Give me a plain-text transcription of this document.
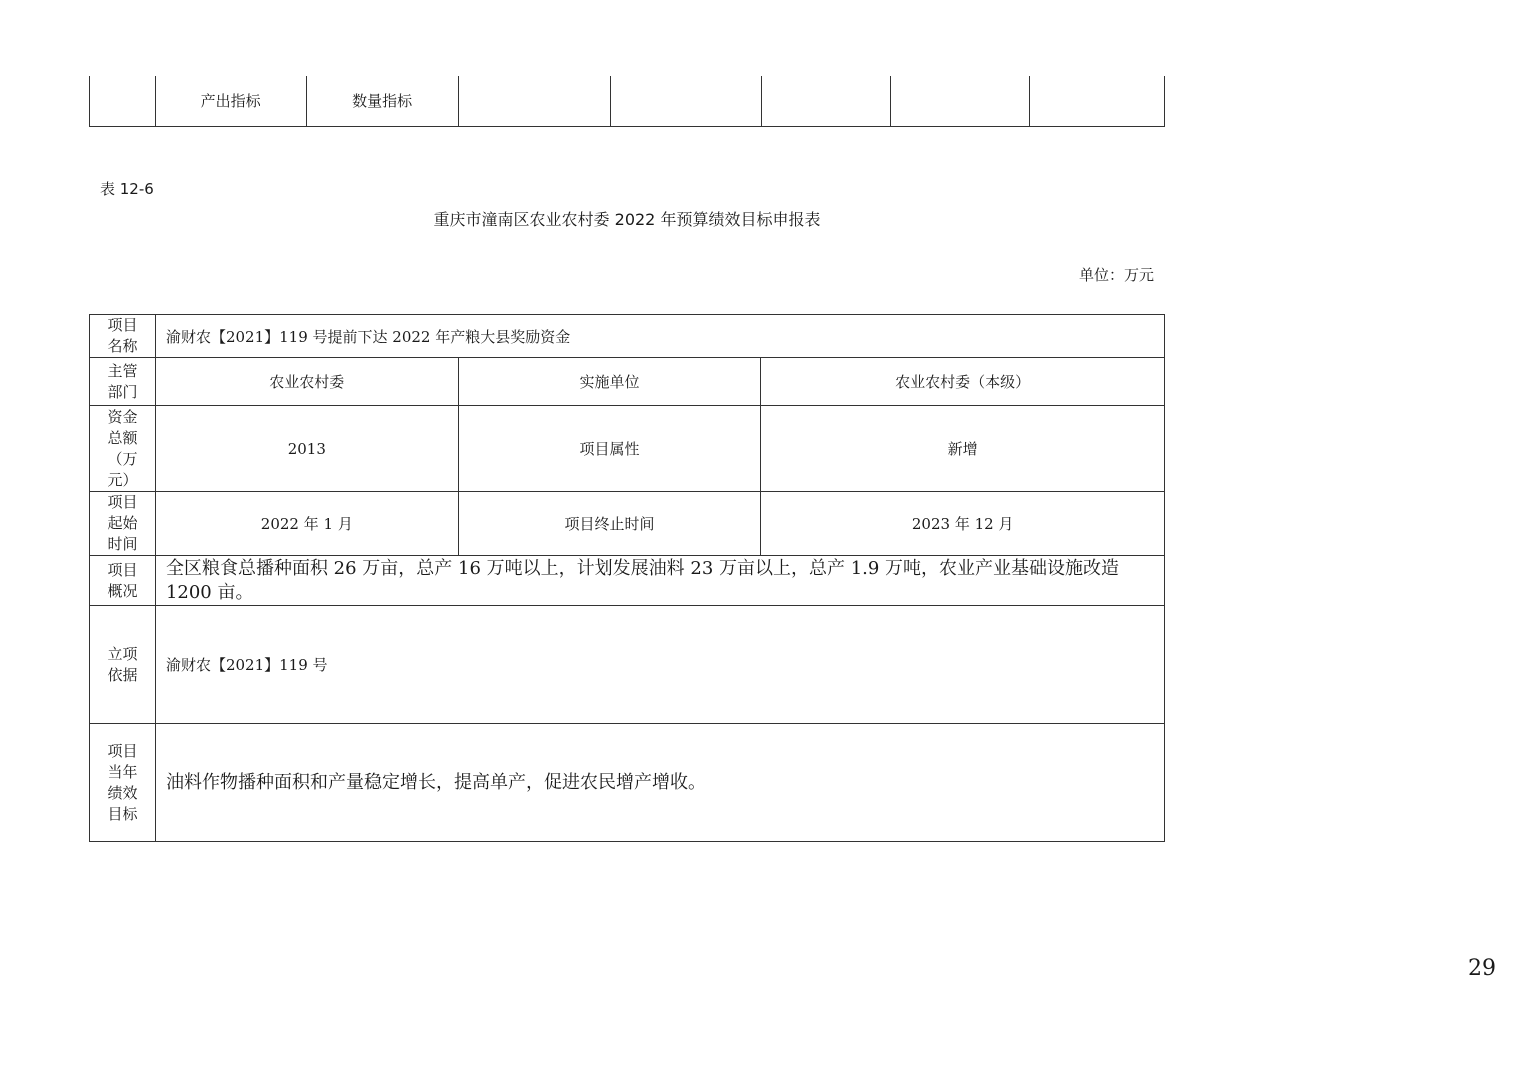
	产出指标	数量指标					
表 12-6
重庆市潼南区农业农村委 2022 年预算绩效目标申报表
单位：万元
项目名称	渝财农【2021】119 号提前下达 2022 年产粮大县奖励资金		
主管部门	农业农村委	实施单位	农业农村委（本级）
资金总额（万元）	2013	项目属性	新增
项目起始时间	2022 年 1 月	项目终止时间	2023 年 12 月
项目概况	全区粮食总播种面积 26 万亩，总产 16 万吨以上，计划发展油料 23 万亩以上，总产 1.9 万吨，农业产业基础设施改造 1200 亩。		
立项依据	渝财农【2021】119 号		
项目当年绩效目标	油料作物播种面积和产量稳定增长，提高单产，促进农民增产增收。		
29
